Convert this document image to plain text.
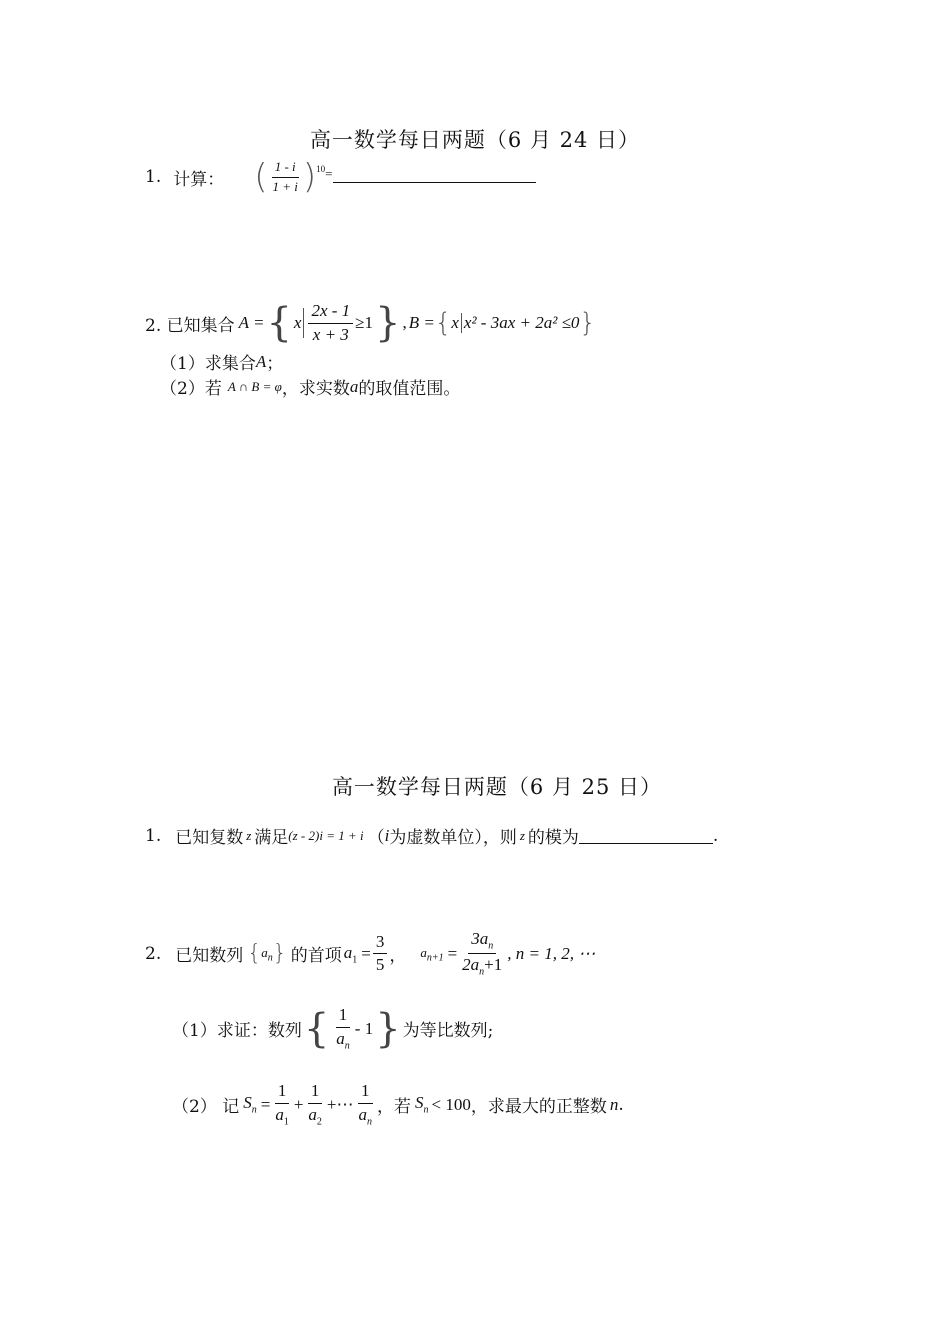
高一数学每日两题（6 月 24 日）
1. 计算： ( $\frac{1 - i}{1 + i}$ ) 10 =
2. 已知集合 A = { x $\frac{2x - 1}{x + 3} \ge 1$ } , B = { x x² - 3ax + 2a² ≤0 }
（1）求集合 A ；
（2）若 A ∩ B = φ ，求实数 a 的取值范围。
高一数学每日两题（6 月 25 日）
1. 已知复数 z 满足 (z - 2)i = 1 + i （ i 为虚数单位），则 z 的模为	.
2. 已知数列 { $a_n$ } 的首项 $a_1 = \frac{3}{5}$ ， $a_{n+1} = \frac{3a_n}{2a_n+1}$ , n = 1, 2, ⋯
（1）求证：数列 { $\frac{1}{a_n} - 1$ } 为等比数列;
（2） 记 $S_n = \frac{1}{a_1} + \frac{1}{a_2}$ +⋯ $\frac{1}{a_n}$ ，若 $S_n < 100$ ，求最大的正整数 n .
